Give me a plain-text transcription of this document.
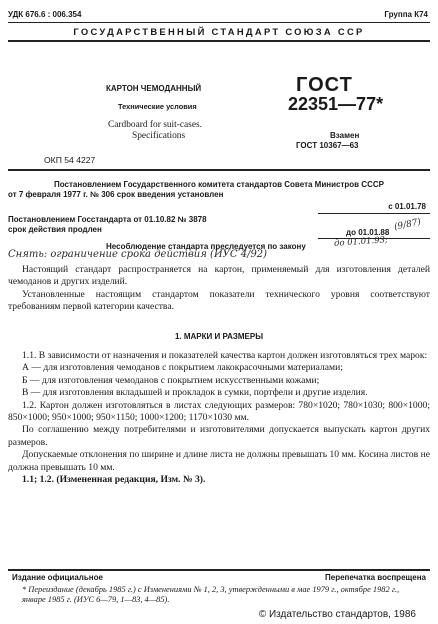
УДК 676.6 : 006.354	Группа К74
ГОСУДАРСТВЕННЫЙ СТАНДАРТ СОЮЗА ССР
КАРТОН ЧЕМОДАННЫЙ
Технические условия
Cardboard for suit-cases.
Specifications
ОКП 54 4227
ГОСТ
22351—77*
Взамен
ГОСТ 10367—63
Постановлением Государственного комитета стандартов Совета Министров СССР
от 7 февраля 1977 г. № 306 срок введения установлен
с 01.01.78
Постановлением Госстандарта от 01.10.82 № 3878
срок действия продлен	до 01.01.88 (9/87)
Несоблюдение стандарта преследуется по закону	до 01.01.93;
Снять: ограничение срока действия (ИУС 4/92)

Настоящий стандарт распространяется на картон, применяемый для изготовления деталей чемоданов и других изделий.

Установленные настоящим стандартом показатели технического уровня соответствуют требованиям первой категории качества.

1. МАРКИ И РАЗМЕРЫ

1.1. В зависимости от назначения и показателей качества картон должен изготовляться трех марок:

А — для изготовления чемоданов с покрытием лакокрасочными материалами;

Б — для изготовления чемоданов с покрытием искусственными кожами;

В — для изготовления вкладышей и прокладок в сумки, портфели и другие изделия.

1.2. Картон должен изготовляться в листах следующих размеров: 780×1020; 780×1030; 800×1000; 850×1000; 950×1000; 950×1150; 1000×1200; 1170×1030 мм.

По соглашению между потребителями и изготовителями допускается выпускать картон других размеров.

Допускаемые отклонения по ширине и длине листа не должны превышать 10 мм. Косина листов не должна превышать 10 мм.

1.1; 1.2. (Измененная редакция, Изм. № 3).

Издание официальное	Перепечатка воспрещена
* Переиздание (декабрь 1985 г.) с Изменениями № 1, 2, 3, утвержденными в мае 1979 г., октябре 1982 г., январе 1985 г. (ИУС 6—79, 1—83, 4—85).
© Издательство стандартов, 1986
